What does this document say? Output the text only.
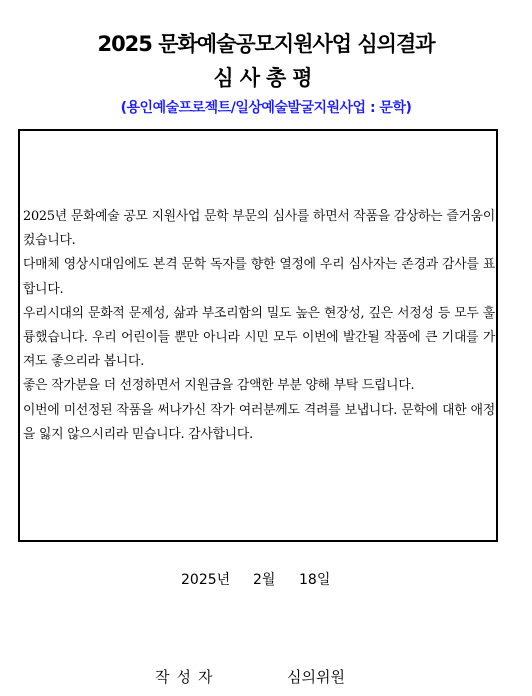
2025 문화예술공모지원사업 심의결과
심사총평
(용인예술프로젝트/일상예술발굴지원사업 : 문학)

2025년 문화예술 공모 지원사업 문학 부문의 심사를 하면서 작품을 감상하는 즐거움이 컸습니다.

다매체 영상시대임에도 본격 문학 독자를 향한 열정에 우리 심사자는 존경과 감사를 표합니다.

우리시대의 문화적 문제성, 삶과 부조리함의 밀도 높은 현장성, 깊은 서정성 등 모두 훌륭했습니다. 우리 어린이들 뿐만 아니라 시민 모두 이번에 발간될 작품에 큰 기대를 가져도 좋으리라 봅니다.

좋은 작가분을 더 선정하면서 지원금을 감액한 부분 양해 부탁 드립니다.

이번에 미선정된 작품을 써나가신 작가 여러분께도 격려를 보냅니다. 문학에 대한 애정을 잃지 않으시리라 믿습니다. 감사합니다.

2025년 2월 18일
작성자	심의위원
